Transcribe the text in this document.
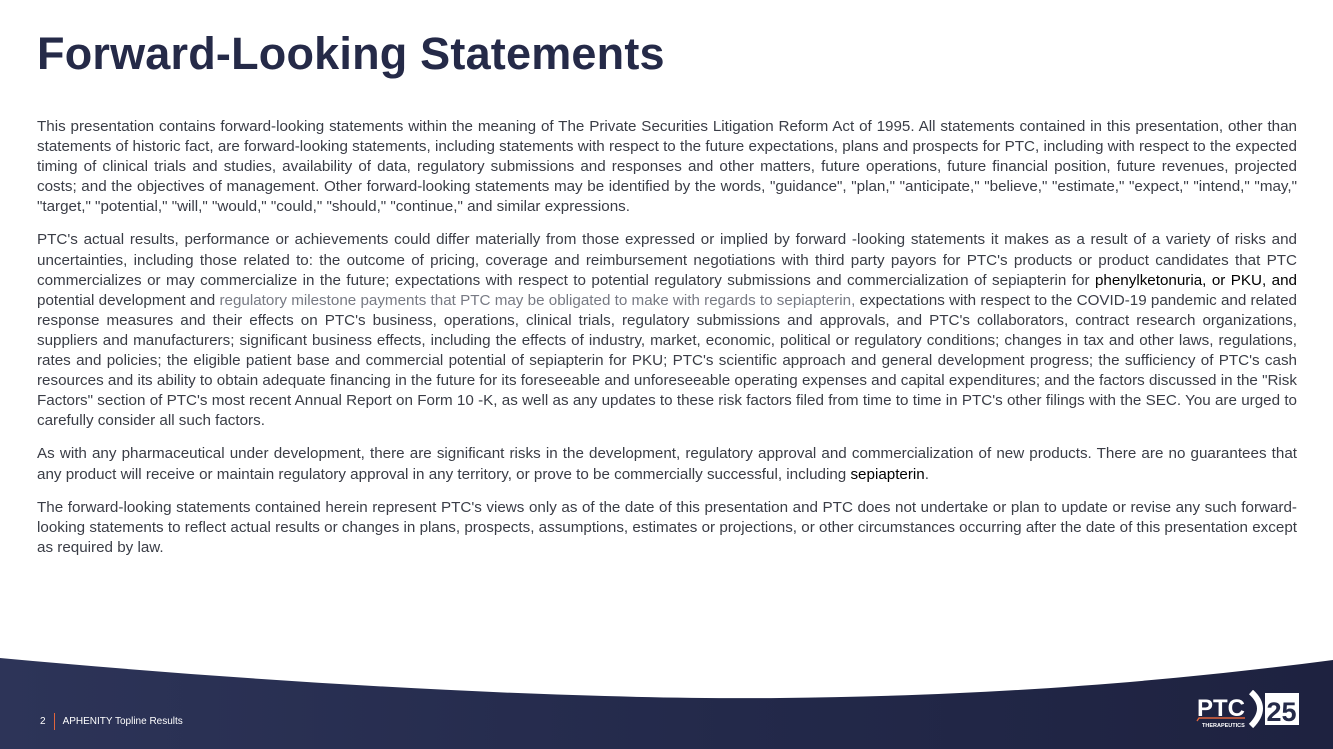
Forward-Looking Statements

This presentation contains forward-looking statements within the meaning of The Private Securities Litigation Reform Act of 1995. All statements contained in this presentation, other than statements of historic fact, are forward-looking statements, including statements with respect to the future expectations, plans and prospects for PTC, including with respect to the expected timing of clinical trials and studies, availability of data, regulatory submissions and responses and other matters, future operations, future financial position, future revenues, projected costs; and the objectives of management. Other forward-looking statements may be identified by the words, "guidance", "plan," "anticipate," "believe," "estimate," "expect," "intend," "may," "target," "potential," "will," "would," "could," "should," "continue," and similar expressions.

PTC's actual results, performance or achievements could differ materially from those expressed or implied by forward -looking statements it makes as a result of a variety of risks and uncertainties, including those related to: the outcome of pricing, coverage and reimbursement negotiations with third party payors for PTC's products or product candidates that PTC commercializes or may commercialize in the future; expectations with respect to potential regulatory submissions and commercialization of sepiapterin for phenylketonuria, or PKU, and potential development and regulatory milestone payments that PTC may be obligated to make with regards to sepiapterin, expectations with respect to the COVID-19 pandemic and related response measures and their effects on PTC's business, operations, clinical trials, regulatory submissions and approvals, and PTC's collaborators, contract research organizations, suppliers and manufacturers; significant business effects, including the effects of industry, market, economic, political or regulatory conditions; changes in tax and other laws, regulations, rates and policies; the eligible patient base and commercial potential of sepiapterin for PKU; PTC's scientific approach and general development progress; the sufficiency of PTC's cash resources and its ability to obtain adequate financing in the future for its foreseeable and unforeseeable operating expenses and capital expenditures; and the factors discussed in the "Risk Factors" section of PTC's most recent Annual Report on Form 10 -K, as well as any updates to these risk factors filed from time to time in PTC's other filings with the SEC. You are urged to carefully consider all such factors.

As with any pharmaceutical under development, there are significant risks in the development, regulatory approval and commercialization of new products. There are no guarantees that any product will receive or maintain regulatory approval in any territory, or prove to be commercially successful, including sepiapterin.

The forward-looking statements contained herein represent PTC's views only as of the date of this presentation and PTC does not undertake or plan to update or revise any such forward-looking statements to reflect actual results or changes in plans, prospects, assumptions, estimates or projections, or other circumstances occurring after the date of this presentation except as required by law.

2 APHENITY Topline Results	PTC
THERAPEUTICS 25
